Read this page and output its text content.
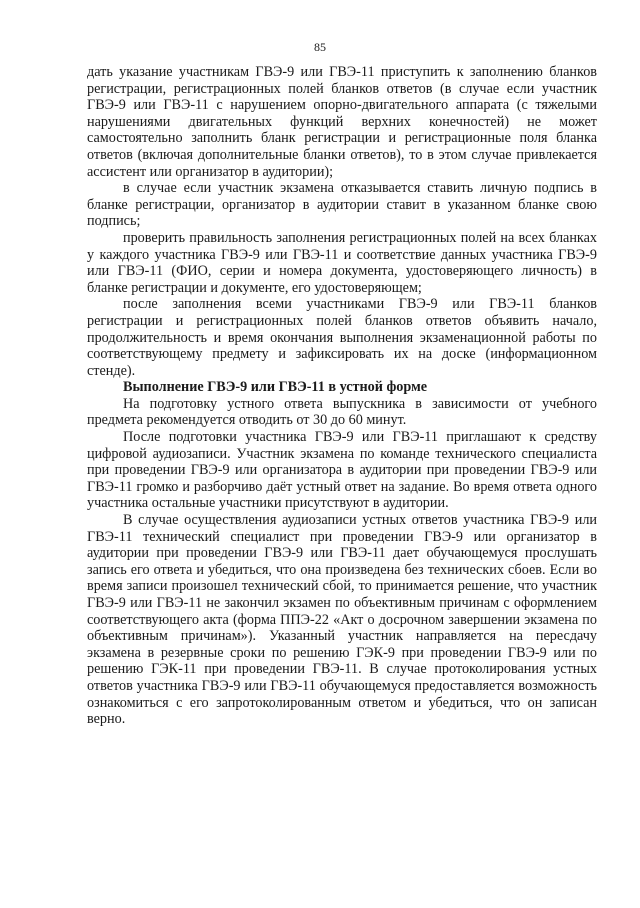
85

дать указание участникам ГВЭ-9 или ГВЭ-11 приступить к заполнению бланков регистрации, регистрационных полей бланков ответов (в случае если участник ГВЭ-9 или ГВЭ-11 с нарушением опорно-двигательного аппарата (с тяжелыми нарушениями двигательных функций верхних конечностей) не может самостоятельно заполнить бланк регистрации и регистрационные поля бланка ответов (включая дополнительные бланки ответов), то в этом случае привлекается ассистент или организатор в аудитории);

в случае если участник экзамена отказывается ставить личную подпись в бланке регистрации, организатор в аудитории ставит в указанном бланке свою подпись;

проверить правильность заполнения регистрационных полей на всех бланках у каждого участника ГВЭ-9 или ГВЭ-11 и соответствие данных участника ГВЭ-9 или ГВЭ-11 (ФИО, серии и номера документа, удостоверяющего личность) в бланке регистрации и документе, его удостоверяющем;

после заполнения всеми участниками ГВЭ-9 или ГВЭ-11 бланков регистрации и регистрационных полей бланков ответов объявить начало, продолжительность и время окончания выполнения экзаменационной работы по соответствующему предмету и зафиксировать их на доске (информационном стенде).

Выполнение ГВЭ-9 или ГВЭ-11 в устной форме

На подготовку устного ответа выпускника в зависимости от учебного предмета рекомендуется отводить от 30 до 60 минут.

После подготовки участника ГВЭ-9 или ГВЭ-11 приглашают к средству цифровой аудиозаписи. Участник экзамена по команде технического специалиста при проведении ГВЭ-9 или организатора в аудитории при проведении ГВЭ-9 или ГВЭ-11 громко и разборчиво даёт устный ответ на задание. Во время ответа одного участника остальные участники присутствуют в аудитории.

В случае осуществления аудиозаписи устных ответов участника ГВЭ-9 или ГВЭ-11 технический специалист при проведении ГВЭ-9 или организатор в аудитории при проведении ГВЭ-9 или ГВЭ-11 дает обучающемуся прослушать запись его ответа и убедиться, что она произведена без технических сбоев. Если во время записи произошел технический сбой, то принимается решение, что участник ГВЭ-9 или ГВЭ-11 не закончил экзамен по объективным причинам с оформлением соответствующего акта (форма ППЭ-22 «Акт о досрочном завершении экзамена по объективным причинам»). Указанный участник направляется на пересдачу экзамена в резервные сроки по решению ГЭК-9 при проведении ГВЭ-9 или по решению ГЭК-11 при проведении ГВЭ-11. В случае протоколирования устных ответов участника ГВЭ-9 или ГВЭ-11 обучающемуся предоставляется возможность ознакомиться с его запротоколированным ответом и убедиться, что он записан верно.
